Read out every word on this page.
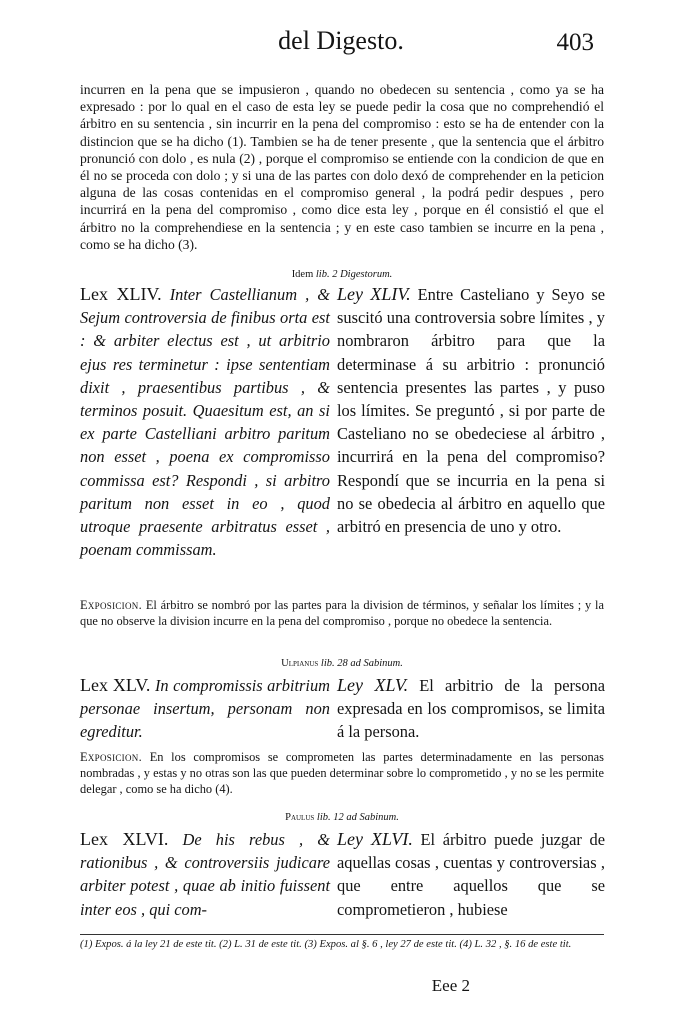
del Digesto.	403
incurren en la pena que se impusieron , quando no obedecen su sentencia , como ya se ha expresado : por lo qual en el caso de esta ley se puede pedir la cosa que no comprehendió el árbitro en su sentencia , sin incurrir en la pena del compromiso : esto se ha de entender con la distincion que se ha dicho (1). Tambien se ha de tener presente , que la sentencia que el árbitro pronunció con dolo , es nula (2) , porque el compromiso se entiende con la condicion de que en él no se proceda con dolo ; y si una de las partes con dolo dexó de comprehender en la peticion alguna de las cosas contenidas en el compromiso general , la podrá pedir despues , pero incurrirá en la pena del compromiso , como dice esta ley , porque en él consistió el que el árbitro no la comprehendiese en la sentencia ; y en este caso tambien se incurre en la pena , como se ha dicho (3).
Idem lib. 2 Digestorum.
Lex XLIV. Inter Castellianum , & Sejum controversia de finibus orta est : & arbiter electus est , ut arbitrio ejus res terminetur : ipse sententiam dixit , praesentibus partibus , & terminos posuit. Quaesitum est, an si ex parte Castelliani arbitro paritum non esset , poena ex compromisso commissa est? Respondi , si arbitro paritum non esset in eo , quod utroque praesente arbitratus esset , poenam commissam.
Ley XLIV. Entre Casteliano y Seyo se suscitó una controversia sobre límites , y nombraron árbitro para que la determinase á su arbitrio : pronunció sentencia presentes las partes , y puso los límites. Se preguntó , si por parte de Casteliano no se obedeciese al árbitro , incurrirá en la pena del compromiso? Respondí que se incurria en la pena si no se obedecia al árbitro en aquello que arbitró en presencia de uno y otro.
Exposicion. El árbitro se nombró por las partes para la division de términos, y señalar los límites ; y la que no observe la division incurre en la pena del compromiso , porque no obedece la sentencia.
Ulpianus lib. 28 ad Sabinum.
Lex XLV. In compromissis arbitrium personae insertum, personam non egreditur.
Ley XLV. El arbitrio de la persona expresada en los compromisos, se limita á la persona.
Exposicion. En los compromisos se comprometen las partes determinadamente en las personas nombradas , y estas y no otras son las que pueden determinar sobre lo comprometido , y no se les permite delegar , como se ha dicho (4).
Paulus lib. 12 ad Sabinum.
Lex XLVI. De his rebus , & rationibus , & controversiis judicare arbiter potest , quae ab initio fuissent inter eos , qui com-
Ley XLVI. El árbitro puede juzgar de aquellas cosas , cuentas y controversias , que entre aquellos que se comprometieron , hubiese
(1) Expos. á la ley 21 de este tit. (2) L. 31 de este tit. (3) Expos. al §. 6 , ley 27 de este tit. (4) L. 32 , §. 16 de este tit.
Eee 2
